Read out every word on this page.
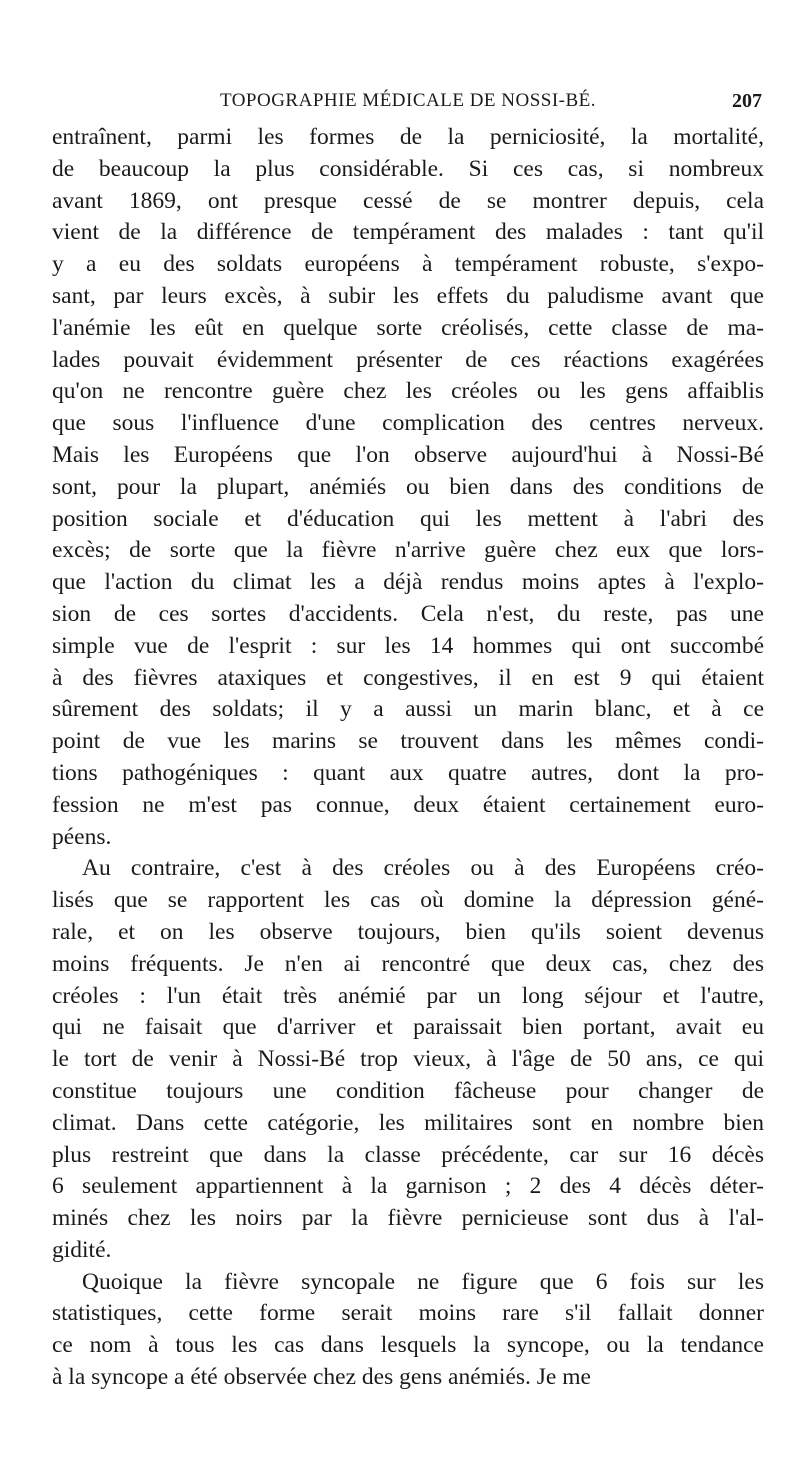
TOPOGRAPHIE MÉDICALE DE NOSSI-BÉ.	207
entraînent, parmi les formes de la perniciosité, la mortalité,
de beaucoup la plus considérable. Si ces cas, si nombreux
avant 1869, ont presque cessé de se montrer depuis, cela
vient de la différence de tempérament des malades : tant qu'il
y a eu des soldats européens à tempérament robuste, s'expo-
sant, par leurs excès, à subir les effets du paludisme avant que
l'anémie les eût en quelque sorte créolisés, cette classe de ma-
lades pouvait évidemment présenter de ces réactions exagérées
qu'on ne rencontre guère chez les créoles ou les gens affaiblis
que sous l'influence d'une complication des centres nerveux.
Mais les Européens que l'on observe aujourd'hui à Nossi-Bé
sont, pour la plupart, anémiés ou bien dans des conditions de
position sociale et d'éducation qui les mettent à l'abri des
excès; de sorte que la fièvre n'arrive guère chez eux que lors-
que l'action du climat les a déjà rendus moins aptes à l'explo-
sion de ces sortes d'accidents. Cela n'est, du reste, pas une
simple vue de l'esprit : sur les 14 hommes qui ont succombé
à des fièvres ataxiques et congestives, il en est 9 qui étaient
sûrement des soldats; il y a aussi un marin blanc, et à ce
point de vue les marins se trouvent dans les mêmes condi-
tions pathogéniques : quant aux quatre autres, dont la pro-
fession ne m'est pas connue, deux étaient certainement euro-
péens.
Au contraire, c'est à des créoles ou à des Européens créo-
lisés que se rapportent les cas où domine la dépression géné-
rale, et on les observe toujours, bien qu'ils soient devenus
moins fréquents. Je n'en ai rencontré que deux cas, chez des
créoles : l'un était très anémié par un long séjour et l'autre,
qui ne faisait que d'arriver et paraissait bien portant, avait eu
le tort de venir à Nossi-Bé trop vieux, à l'âge de 50 ans, ce qui
constitue toujours une condition fâcheuse pour changer de
climat. Dans cette catégorie, les militaires sont en nombre bien
plus restreint que dans la classe précédente, car sur 16 décès
6 seulement appartiennent à la garnison ; 2 des 4 décès déter-
minés chez les noirs par la fièvre pernicieuse sont dus à l'al-
gidité.
Quoique la fièvre syncopale ne figure que 6 fois sur les
statistiques, cette forme serait moins rare s'il fallait donner
ce nom à tous les cas dans lesquels la syncope, ou la tendance
à la syncope a été observée chez des gens anémiés. Je me
